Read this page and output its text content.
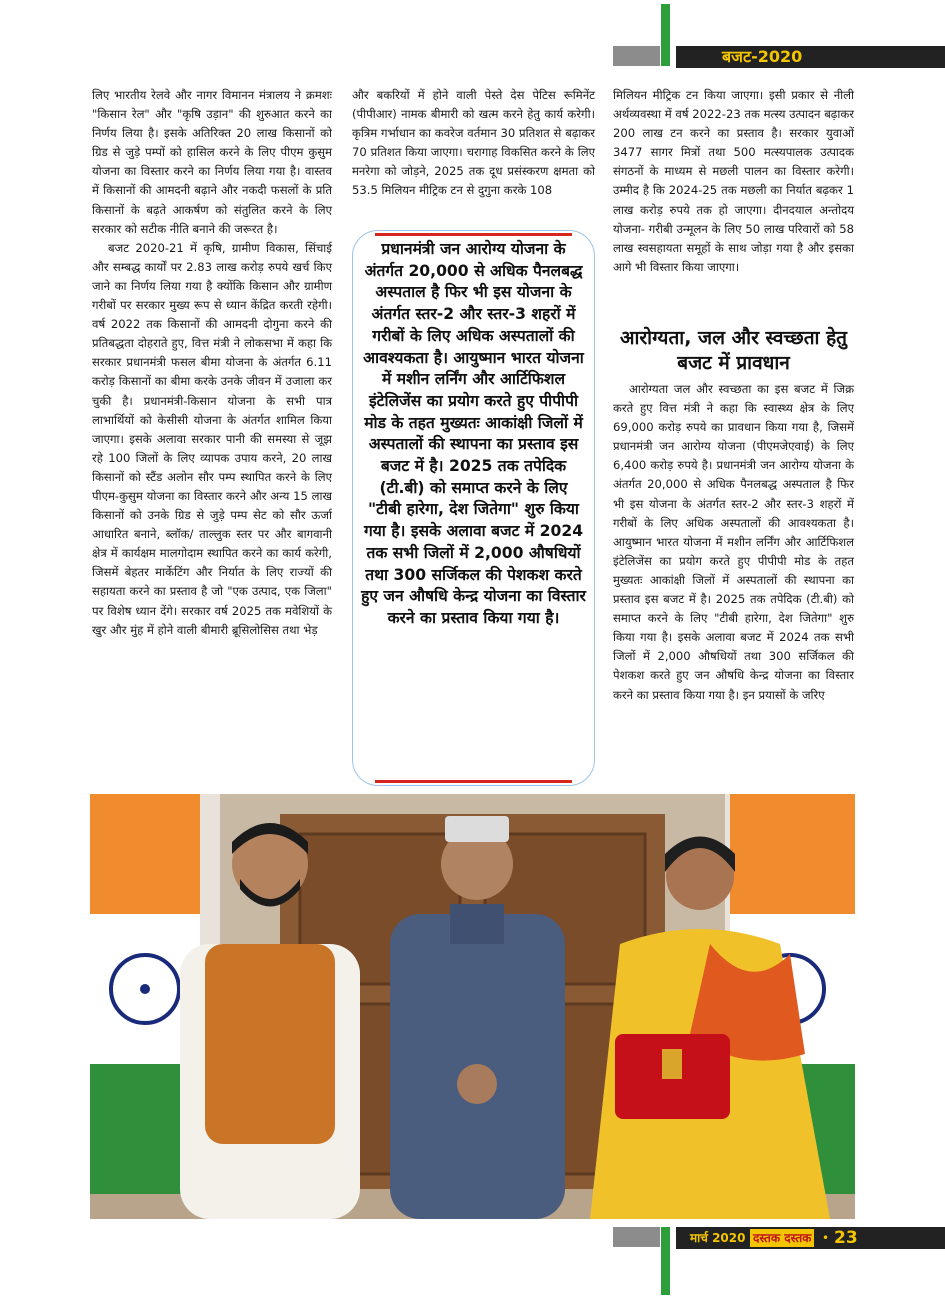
बजट-2020

लिए भारतीय रेलवे और नागर विमानन मंत्रालय ने क्रमशः "किसान रेल" और "कृषि उड़ान" की शुरुआत करने का निर्णय लिया है। इसके अतिरिक्त 20 लाख किसानों को ग्रिड से जुड़े पम्पों को हासिल करने के लिए पीएम कुसुम योजना का विस्तार करने का निर्णय लिया गया है। वास्तव में किसानों की आमदनी बढ़ाने और नकदी फसलों के प्रति किसानों के बढ़ते आकर्षण को संतुलित करने के लिए सरकार को सटीक नीति बनाने की जरूरत है।

बजट 2020-21 में कृषि, ग्रामीण विकास, सिंचाई और सम्बद्ध कार्यों पर 2.83 लाख करोड़ रुपये खर्च किए जाने का निर्णय लिया गया है क्योंकि किसान और ग्रामीण गरीबों पर सरकार मुख्य रूप से ध्यान केंद्रित करती रहेगी। वर्ष 2022 तक किसानों की आमदनी दोगुना करने की प्रतिबद्धता दोहराते हुए, वित्त मंत्री ने लोकसभा में कहा कि सरकार प्रधानमंत्री फसल बीमा योजना के अंतर्गत 6.11 करोड़ किसानों का बीमा करके उनके जीवन में उजाला कर चुकी है। प्रधानमंत्री-किसान योजना के सभी पात्र लाभार्थियों को केसीसी योजना के अंतर्गत शामिल किया जाएगा। इसके अलावा सरकार पानी की समस्या से जूझ रहे 100 जिलों के लिए व्यापक उपाय करने, 20 लाख किसानों को स्टैंड अलोन सौर पम्प स्थापित करने के लिए पीएम-कुसुम योजना का विस्तार करने और अन्य 15 लाख किसानों को उनके ग्रिड से जुड़े पम्प सेट को सौर ऊर्जा आधारित बनाने, ब्लॉक/ ताल्लुक स्तर पर और बागवानी क्षेत्र में कार्यक्षम मालगोदाम स्थापित करने का कार्य करेगी, जिसमें बेहतर मार्केटिंग और निर्यात के लिए राज्यों की सहायता करने का प्रस्ताव है जो "एक उत्पाद, एक जिला" पर विशेष ध्यान देंगे। सरकार वर्ष 2025 तक मवेशियों के खुर और मुंह में होने वाली बीमारी ब्रूसिलोसिस तथा भेड़

और बकरियों में होने वाली पेस्ते देस पेटिस रूमिनेंट (पीपीआर) नामक बीमारी को खत्म करने हेतु कार्य करेगी। कृत्रिम गर्भाधान का कवरेज वर्तमान 30 प्रतिशत से बढ़ाकर 70 प्रतिशत किया जाएगा। चरागाह विकसित करने के लिए मनरेगा को जोड़ने, 2025 तक दूध प्रसंस्करण क्षमता को 53.5 मिलियन मीट्रिक टन से दुगुना करके 108

प्रधानमंत्री जन आरोग्य योजना के अंतर्गत 20,000 से अधिक पैनलबद्ध अस्पताल है फिर भी इस योजना के अंतर्गत स्तर-2 और स्तर-3 शहरों में गरीबों के लिए अधिक अस्पतालों की आवश्यकता है। आयुष्मान भारत योजना में मशीन लर्निंग और आर्टिफिशल इंटेलिजेंस का प्रयोग करते हुए पीपीपी मोड के तहत मुख्यतः आकांक्षी जिलों में अस्पतालों की स्थापना का प्रस्ताव इस बजट में है। 2025 तक तपेदिक (टी.बी) को समाप्त करने के लिए "टीबी हारेगा, देश जितेगा" शुरु किया गया है। इसके अलावा बजट में 2024 तक सभी जिलों में 2,000 औषधियों तथा 300 सर्जिकल की पेशकश करते हुए जन औषधि केन्द्र योजना का विस्तार करने का प्रस्ताव किया गया है।

मिलियन मीट्रिक टन किया जाएगा। इसी प्रकार से नीली अर्थव्यवस्था में वर्ष 2022-23 तक मत्स्य उत्पादन बढ़ाकर 200 लाख टन करने का प्रस्ताव है। सरकार युवाओं 3477 सागर मित्रों तथा 500 मत्स्यपालक उत्पादक संगठनों के माध्यम से मछली पालन का विस्तार करेगी। उम्मीद है कि 2024-25 तक मछली का निर्यात बढ़कर 1 लाख करोड़ रुपये तक हो जाएगा। दीनदयाल अन्तोदय योजना- गरीबी उन्मूलन के लिए 50 लाख परिवारों को 58 लाख स्वसहायता समूहों के साथ जोड़ा गया है और इसका आगे भी विस्तार किया जाएगा।

आरोग्यता, जल और स्वच्छता हेतु बजट में प्रावधान

आरोग्यता जल और स्वच्छता का इस बजट में जिक्र करते हुए वित्त मंत्री ने कहा कि स्वास्थ्य क्षेत्र के लिए 69,000 करोड़ रुपये का प्रावधान किया गया है, जिसमें प्रधानमंत्री जन आरोग्य योजना (पीएमजेएवाई) के लिए 6,400 करोड़ रुपये है। प्रधानमंत्री जन आरोग्य योजना के अंतर्गत 20,000 से अधिक पैनलबद्ध अस्पताल है फिर भी इस योजना के अंतर्गत स्तर-2 और स्तर-3 शहरों में गरीबों के लिए अधिक अस्पतालों की आवश्यकता है। आयुष्मान भारत योजना में मशीन लर्निंग और आर्टिफिशल इंटेलिजेंस का प्रयोग करते हुए पीपीपी मोड के तहत मुख्यतः आकांक्षी जिलों में अस्पतालों की स्थापना का प्रस्ताव इस बजट में है। 2025 तक तपेदिक (टी.बी) को समाप्त करने के लिए "टीबी हारेगा, देश जितेगा" शुरु किया गया है। इसके अलावा बजट में 2024 तक सभी जिलों में 2,000 औषधियों तथा 300 सर्जिकल की पेशकश करते हुए जन औषधि केन्द्र योजना का विस्तार करने का प्रस्ताव किया गया है। इन प्रयासों के जरिए

मार्च 2020 दस्तक दस्तक • 23
